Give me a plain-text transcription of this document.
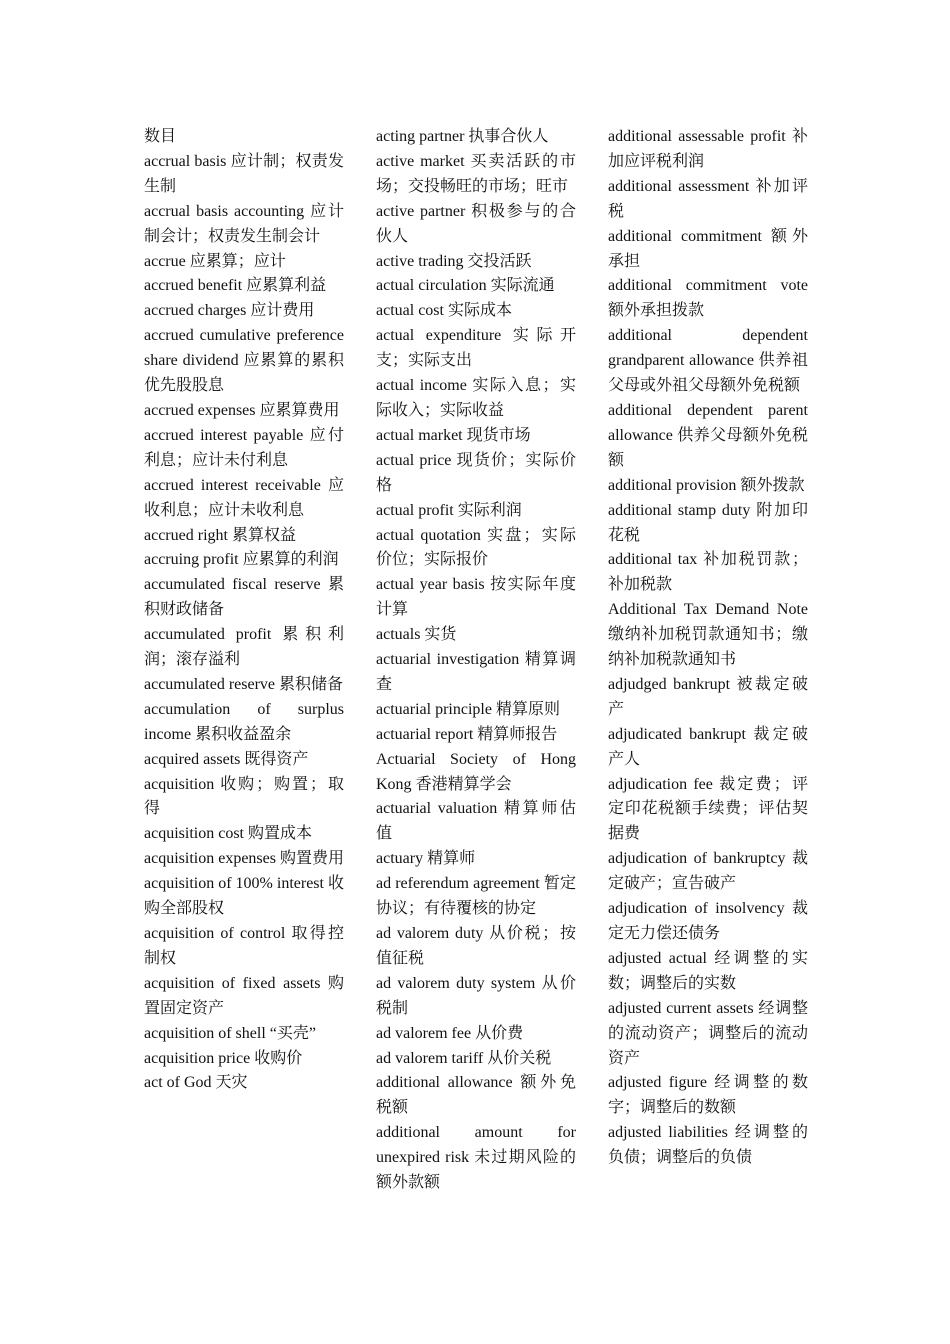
数目

accrual basis 应计制；权责发生制

accrual basis accounting 应计制会计；权责发生制会计

accrue 应累算；应计

accrued benefit 应累算利益

accrued charges 应计费用

accrued cumulative preference share dividend 应累算的累积优先股股息

accrued expenses 应累算费用

accrued interest payable 应付利息；应计未付利息

accrued interest receivable 应收利息；应计未收利息

accrued right 累算权益

accruing profit 应累算的利润

accumulated fiscal reserve 累积财政储备

accumulated profit 累积利润；滚存溢利

accumulated reserve 累积储备

accumulation of surplus income 累积收益盈余

acquired assets 既得资产

acquisition 收购；购置；取得

acquisition cost 购置成本

acquisition expenses 购置费用

acquisition of 100% interest 收购全部股权

acquisition of control 取得控制权

acquisition of fixed assets 购置固定资产

acquisition of shell “买壳”

acquisition price 收购价

act of God 天灾

acting partner 执事合伙人

active market 买卖活跃的市场；交投畅旺的市场；旺市

active partner 积极参与的合伙人

active trading 交投活跃

actual circulation 实际流通

actual cost 实际成本

actual expenditure 实际开支；实际支出

actual income 实际入息；实际收入；实际收益

actual market 现货市场

actual price 现货价；实际价格

actual profit 实际利润

actual quotation 实盘；实际价位；实际报价

actual year basis 按实际年度计算

actuals 实货

actuarial investigation 精算调查

actuarial principle 精算原则

actuarial report 精算师报告

Actuarial Society of Hong Kong 香港精算学会

actuarial valuation 精算师估值

actuary 精算师

ad referendum agreement 暂定协议；有待覆核的协定

ad valorem duty 从价税；按值征税

ad valorem duty system 从价税制

ad valorem fee 从价费

ad valorem tariff 从价关税

additional allowance 额外免税额

additional amount for unexpired risk 未过期风险的额外款额

additional assessable profit 补加应评税利润

additional assessment 补加评税

additional commitment 额外承担

additional commitment vote 额外承担拨款

additional dependent grandparent allowance 供养祖父母或外祖父母额外免税额

additional dependent parent allowance 供养父母额外免税额

additional provision 额外拨款

additional stamp duty 附加印花税

additional tax 补加税罚款；补加税款

Additional Tax Demand Note 缴纳补加税罚款通知书；缴纳补加税款通知书

adjudged bankrupt 被裁定破产

adjudicated bankrupt 裁定破产人

adjudication fee 裁定费；评定印花税额手续费；评估契据费

adjudication of bankruptcy 裁定破产；宣告破产

adjudication of insolvency 裁定无力偿还债务

adjusted actual 经调整的实数；调整后的实数

adjusted current assets 经调整的流动资产；调整后的流动资产

adjusted figure 经调整的数字；调整后的数额

adjusted liabilities 经调整的负债；调整后的负债
